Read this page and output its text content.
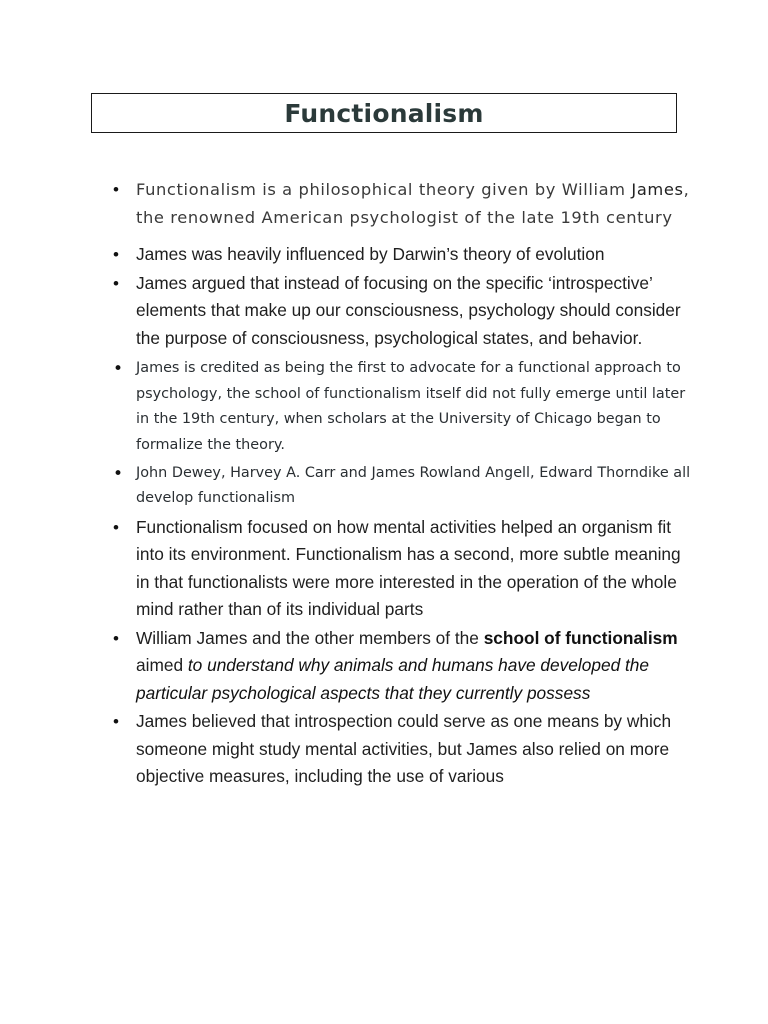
Functionalism
• Functionalism is a philosophical theory given by William James, the renowned American psychologist of the late 19th century
• James was heavily influenced by Darwin’s theory of evolution
• James argued that instead of focusing on the specific ‘introspective’ elements that make up our consciousness, psychology should consider the purpose of consciousness, psychological states, and behavior.
• James is credited as being the first to advocate for a functional approach to psychology, the school of functionalism itself did not fully emerge until later in the 19th century, when scholars at the University of Chicago began to formalize the theory.
• John Dewey, Harvey A. Carr and James Rowland Angell, Edward Thorndike all develop functionalism
• Functionalism focused on how mental activities helped an organism fit into its environment. Functionalism has a second, more subtle meaning in that functionalists were more interested in the operation of the whole mind rather than of its individual parts
• William James and the other members of the school of functionalism aimed to understand why animals and humans have developed the particular psychological aspects that they currently possess
• James believed that introspection could serve as one means by which someone might study mental activities, but James also relied on more objective measures, including the use of various
